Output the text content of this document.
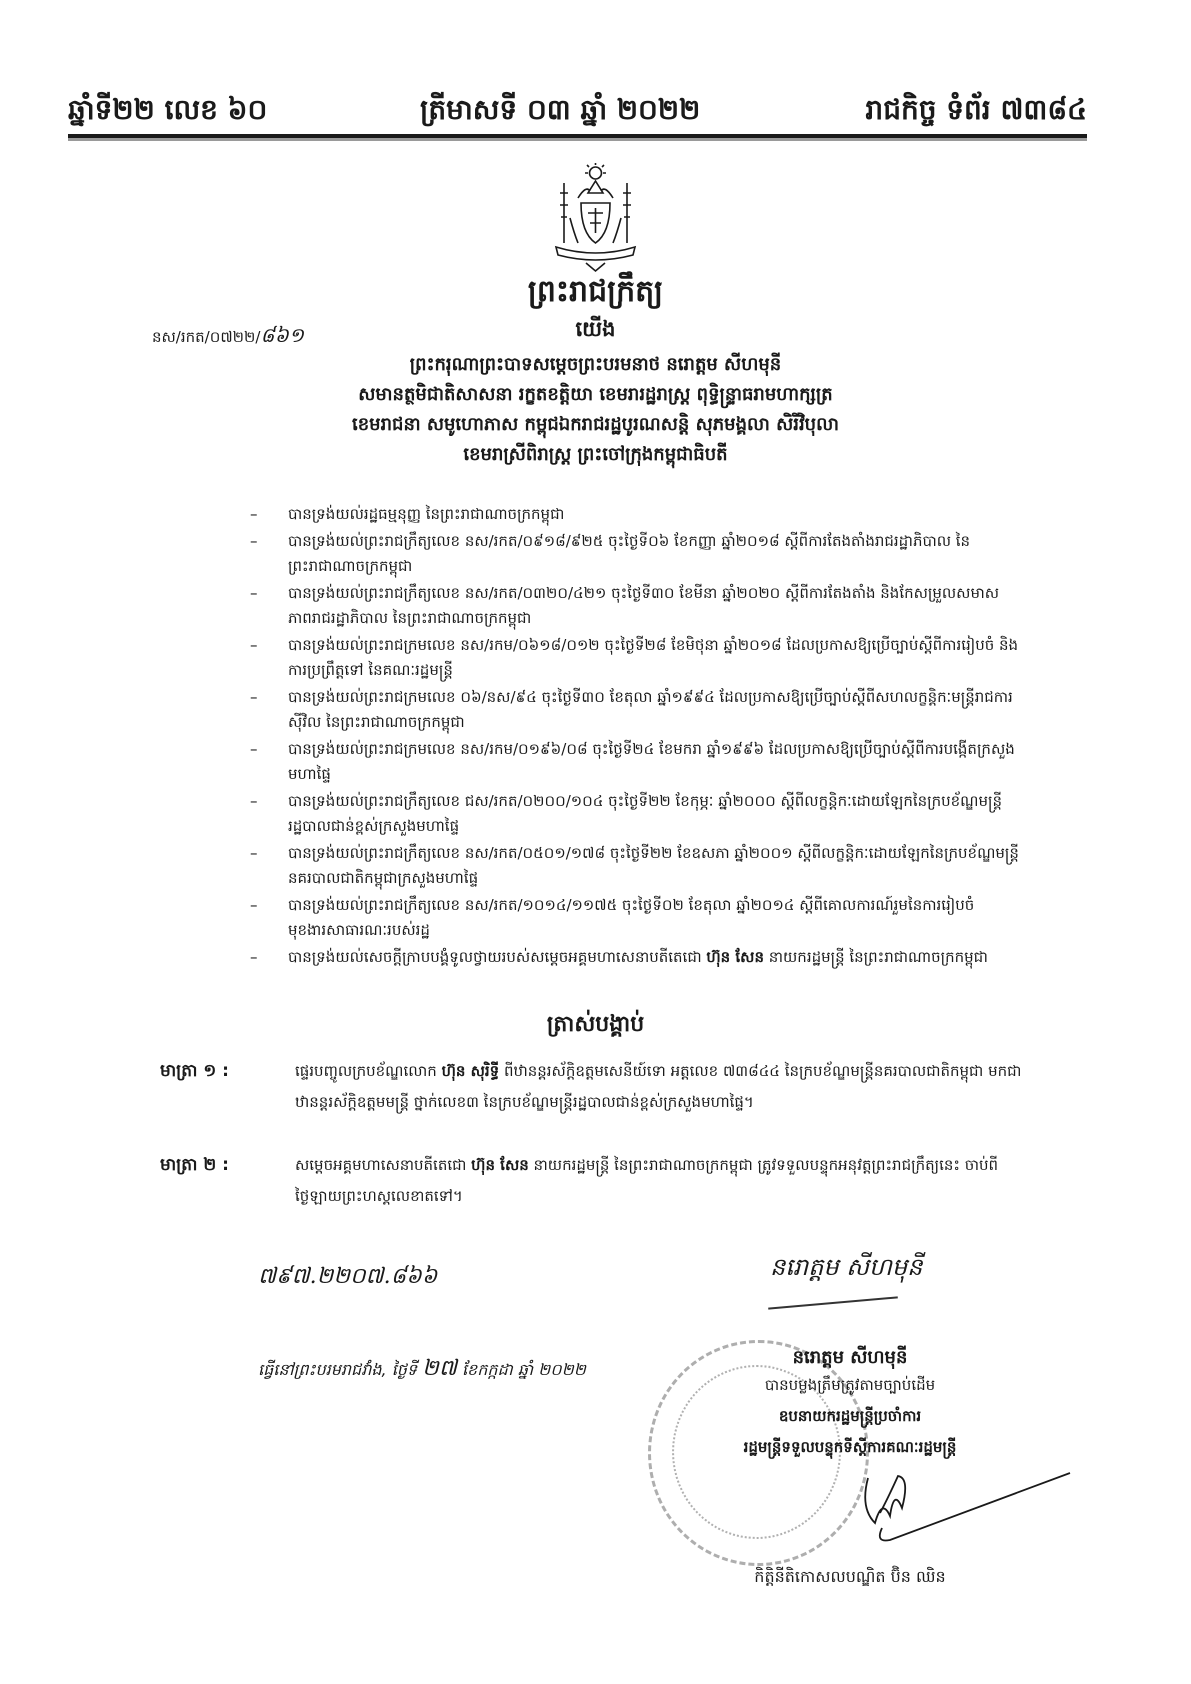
ឆ្នាំទី២២ លេខ ៦០	ត្រីមាសទី ០៣ ឆ្នាំ ២០២២	រាជកិច្ច ទំព័រ ៧៣៨៤
ព្រះរាជក្រឹត្យ
នស/រកត/០៧២២/៨៦១	យើង
ព្រះករុណាព្រះបាទសម្តេចព្រះបរមនាថ នរោត្តម សីហមុនី
សមានត្ថមិជាតិសាសនា រក្ខតខត្តិយា ខេមរារដ្ឋរាស្ត្រ ពុទ្ធិន្ទ្រាធរាមហាក្សត្រ
ខេមរាជនា សមូហោភាស កម្ពុជឯករាជរដ្ឋបូរណសន្តិ សុភមង្គលា សិរីវិបុលា
ខេមរាស្រីពិរាស្ត្រ ព្រះចៅក្រុងកម្ពុជាធិបតី
– បានទ្រង់យល់រដ្ឋធម្មនុញ្ញ នៃព្រះរាជាណាចក្រកម្ពុជា
– បានទ្រង់យល់ព្រះរាជក្រឹត្យលេខ នស/រកត/០៩១៨/៩២៥ ចុះថ្ងៃទី០៦ ខែកញ្ញា ឆ្នាំ២០១៨ ស្តីពីការតែងតាំងរាជរដ្ឋាភិបាល នៃព្រះរាជាណាចក្រកម្ពុជា
– បានទ្រង់យល់ព្រះរាជក្រឹត្យលេខ នស/រកត/០៣២០/៤២១ ចុះថ្ងៃទី៣០ ខែមីនា ឆ្នាំ២០២០ ស្តីពីការតែងតាំង និងកែសម្រួលសមាសភាពរាជរដ្ឋាភិបាល នៃព្រះរាជាណាចក្រកម្ពុជា
– បានទ្រង់យល់ព្រះរាជក្រមលេខ នស/រកម/០៦១៨/០១២ ចុះថ្ងៃទី២៨ ខែមិថុនា ឆ្នាំ២០១៨ ដែលប្រកាសឱ្យប្រើច្បាប់ស្តីពីការរៀបចំ និងការប្រព្រឹត្តទៅ នៃគណៈរដ្ឋមន្ត្រី
– បានទ្រង់យល់ព្រះរាជក្រមលេខ ០៦/នស/៩៤ ចុះថ្ងៃទី៣០ ខែតុលា ឆ្នាំ១៩៩៤ ដែលប្រកាសឱ្យប្រើច្បាប់ស្តីពីសហលក្ខន្តិកៈមន្ត្រីរាជការស៊ីវិល នៃព្រះរាជាណាចក្រកម្ពុជា
– បានទ្រង់យល់ព្រះរាជក្រមលេខ នស/រកម/០១៩៦/០៨ ចុះថ្ងៃទី២៤ ខែមករា ឆ្នាំ១៩៩៦ ដែលប្រកាសឱ្យប្រើច្បាប់ស្តីពីការបង្កើតក្រសួងមហាផ្ទៃ
– បានទ្រង់យល់ព្រះរាជក្រឹត្យលេខ ជស/រកត/០២០០/១០៤ ចុះថ្ងៃទី២២ ខែកុម្ភៈ ឆ្នាំ២០០០ ស្តីពីលក្ខន្តិកៈដោយឡែកនៃក្របខ័ណ្ឌមន្ត្រីរដ្ឋបាលជាន់ខ្ពស់ក្រសួងមហាផ្ទៃ
– បានទ្រង់យល់ព្រះរាជក្រឹត្យលេខ នស/រកត/០៥០១/១៧៨ ចុះថ្ងៃទី២២ ខែឧសភា ឆ្នាំ២០០១ ស្តីពីលក្ខន្តិកៈដោយឡែកនៃក្របខ័ណ្ឌមន្ត្រីនគរបាលជាតិកម្ពុជាក្រសួងមហាផ្ទៃ
– បានទ្រង់យល់ព្រះរាជក្រឹត្យលេខ នស/រកត/១០១៤/១១៧៥ ចុះថ្ងៃទី០២ ខែតុលា ឆ្នាំ២០១៤ ស្តីពីគោលការណ៍រួមនៃការរៀបចំមុខងារសាធារណៈរបស់រដ្ឋ
– បានទ្រង់យល់សេចក្តីក្រាបបង្គំទូលថ្វាយរបស់សម្តេចអគ្គមហាសេនាបតីតេជោ ហ៊ុន សែន នាយករដ្ឋមន្ត្រី នៃព្រះរាជាណាចក្រកម្ពុជា
ត្រាស់បង្គាប់
មាត្រា ១ :	ផ្ទេរបញ្ចូលក្របខ័ណ្ឌលោក ហ៊ុន សុរិទ្ធី ពីឋានន្តរស័ក្តិឧត្តមសេនីយ៍ទោ អត្តលេខ ៧៣៨៤៤ នៃក្របខ័ណ្ឌមន្ត្រីនគរបាលជាតិកម្ពុជា មកជាឋានន្តរស័ក្តិឧត្តមមន្ត្រី ថ្នាក់លេខ៣ នៃក្របខ័ណ្ឌមន្ត្រីរដ្ឋបាលជាន់ខ្ពស់ក្រសួងមហាផ្ទៃ។
មាត្រា ២ :	សម្តេចអគ្គមហាសេនាបតីតេជោ ហ៊ុន សែន នាយករដ្ឋមន្ត្រី នៃព្រះរាជាណាចក្រកម្ពុជា ត្រូវទទួលបន្ទុកអនុវត្តព្រះរាជក្រឹត្យនេះ ចាប់ពីថ្ងៃឡាយព្រះហស្តលេខាតទៅ។
៧៩៧.២២០៧.៨៦៦
ធ្វើនៅព្រះបរមរាជវាំង, ថ្ងៃទី ២៧ ខែកក្កដា ឆ្នាំ ២០២២
នរោត្តម សីហមុនី
នរោត្តម សីហមុនី
បានបម្លងត្រឹមត្រូវតាមច្បាប់ដើម
ឧបនាយករដ្ឋមន្ត្រីប្រចាំការ
រដ្ឋមន្ត្រីទទួលបន្ទុកទីស្តីការគណៈរដ្ឋមន្ត្រី
កិត្តិនីតិកោសលបណ្ឌិត ប៊ិន ឈិន
